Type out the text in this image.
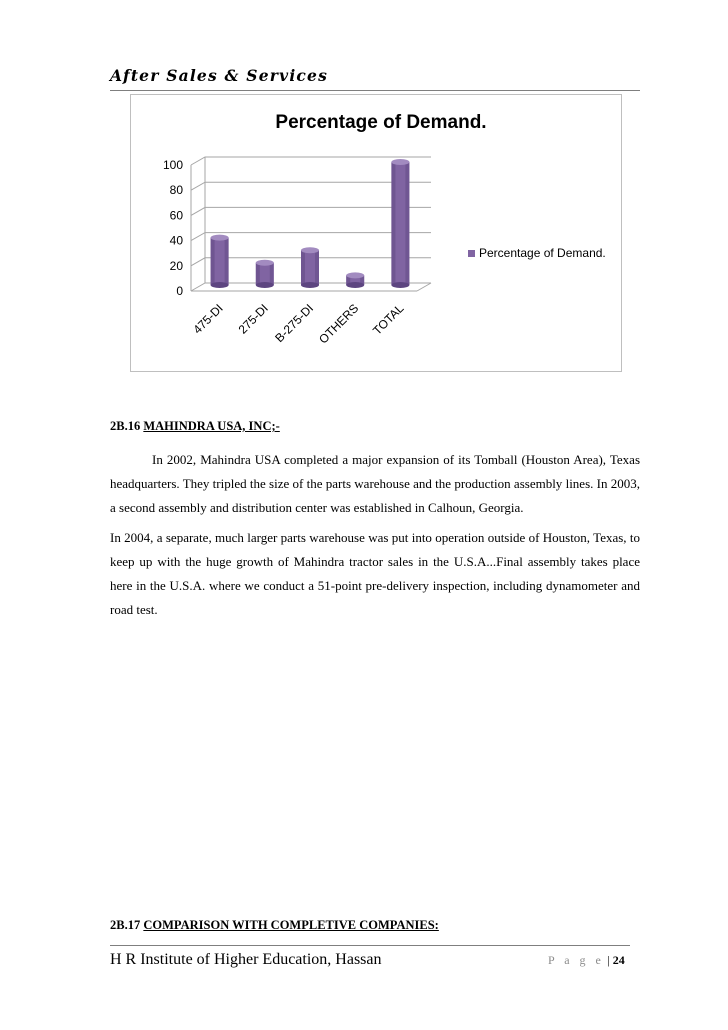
After Sales & Services
Percentage of Demand.
0
20
40
60
80
100
475-DI 275-DI B-275-DI OTHERS TOTAL
Percentage of Demand.
2B.16 MAHINDRA USA, INC;-

In 2002, Mahindra USA completed a major expansion of its Tomball (Houston Area), Texas headquarters. They tripled the size of the parts warehouse and the production assembly lines. In 2003, a second assembly and distribution center was established in Calhoun, Georgia.

In 2004, a separate, much larger parts warehouse was put into operation outside of Houston, Texas, to keep up with the huge growth of Mahindra tractor sales in the U.S.A...Final assembly takes place here in the U.S.A. where we conduct a 51-point pre-delivery inspection, including dynamometer and road test.

2B.17 COMPARISON WITH COMPLETIVE COMPANIES:
H R Institute of Higher Education, Hassan	P a g e | 24
